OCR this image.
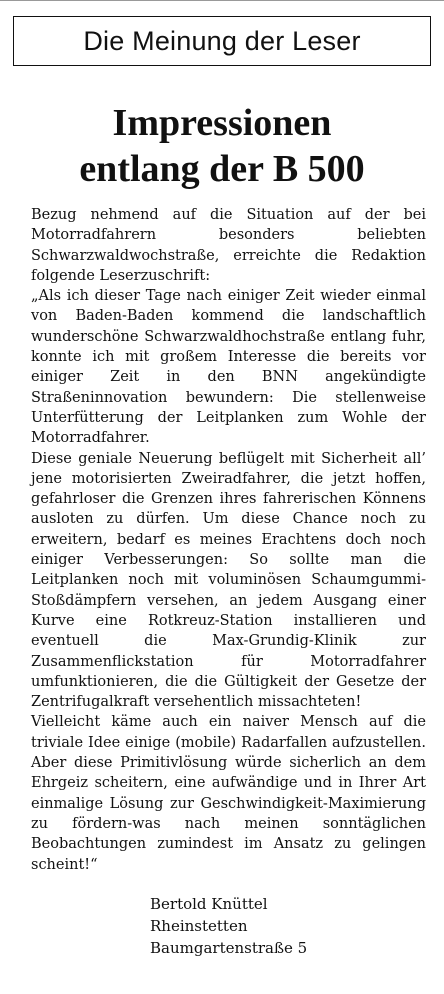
Die Meinung der Leser
Impressionen
entlang der B 500

Bezug nehmend auf die Situation auf der bei Motorradfahrern besonders beliebten Schwarzwaldwochstraße, erreichte die Redaktion folgende Leserzuschrift:

„Als ich dieser Tage nach einiger Zeit wieder einmal von Baden-Baden kommend die landschaftlich wunderschöne Schwarzwaldhochstraße entlang fuhr, konnte ich mit großem Interesse die bereits vor einiger Zeit in den BNN angekündigte Straßeninnovation bewundern: Die stellenweise Unterfütterung der Leitplanken zum Wohle der Motorradfahrer.

Diese geniale Neuerung beflügelt mit Sicherheit all’ jene motorisierten Zweiradfahrer, die jetzt hoffen, gefahrloser die Grenzen ihres fahrerischen Könnens ausloten zu dürfen. Um diese Chance noch zu erweitern, bedarf es meines Erachtens doch noch einiger Verbesserungen: So sollte man die Leitplanken noch mit voluminösen Schaumgummi-Stoßdämpfern versehen, an jedem Ausgang einer Kurve eine Rotkreuz-Station installieren und eventuell die Max-Grundig-Klinik zur Zusammenflickstation für Motorradfahrer umfunktionieren, die die Gültigkeit der Gesetze der Zentrifugalkraft versehentlich missachteten!

Vielleicht käme auch ein naiver Mensch auf die triviale Idee einige (mobile) Radarfallen aufzustellen. Aber diese Primitivlösung würde sicherlich an dem Ehrgeiz scheitern, eine aufwändige und in Ihrer Art einmalige Lösung zur Geschwindigkeit-Maximierung zu fördern-was nach meinen sonntäglichen Beobachtungen zumindest im Ansatz zu gelingen scheint!“

Bertold Knüttel
Rheinstetten
Baumgartenstraße 5
